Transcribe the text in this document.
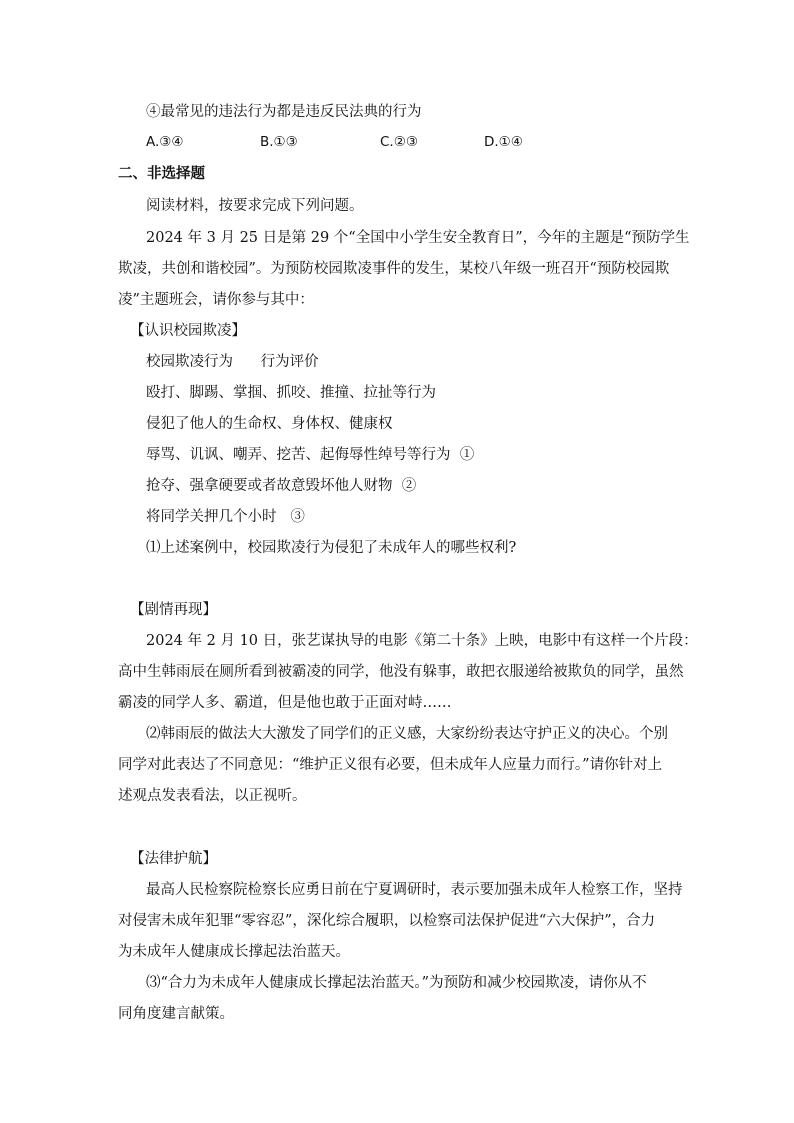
④最常见的违法行为都是违反民法典的行为
A.③④	B.①③	C.②③	D.①④
二、非选择题
阅读材料，按要求完成下列问题。
2024 年 3 月 25 日是第 29 个“全国中小学生安全教育日”，今年的主题是“预防学生
欺凌，共创和谐校园”。为预防校园欺凌事件的发生，某校八年级一班召开“预防校园欺
凌”主题班会，请你参与其中：
【认识校园欺凌】
校园欺凌行为      行为评价
殴打、脚踢、掌掴、抓咬、推撞、拉扯等行为
侵犯了他人的生命权、身体权、健康权
辱骂、讥讽、嘲弄、挖苦、起侮辱性绰号等行为  ①
抢夺、强拿硬要或者故意毁坏他人财物  ②
将同学关押几个小时   ③
⑴上述案例中，校园欺凌行为侵犯了未成年人的哪些权利?
【剧情再现】
2024 年 2 月 10 日，张艺谋执导的电影《第二十条》上映，电影中有这样一个片段：
高中生韩雨辰在厕所看到被霸凌的同学，他没有躲事，敢把衣服递给被欺负的同学，虽然
霸凌的同学人多、霸道，但是他也敢于正面对峙……
⑵韩雨辰的做法大大激发了同学们的正义感，大家纷纷表达守护正义的决心。个别
同学对此表达了不同意见：“维护正义很有必要，但未成年人应量力而行。”请你针对上
述观点发表看法，以正视听。
【法律护航】
最高人民检察院检察长应勇日前在宁夏调研时，表示要加强未成年人检察工作，坚持
对侵害未成年犯罪“零容忍”，深化综合履职，以检察司法保护促进“六大保护”，合力
为未成年人健康成长撑起法治蓝天。
⑶“合力为未成年人健康成长撑起法治蓝天。”为预防和减少校园欺凌，请你从不
同角度建言献策。
